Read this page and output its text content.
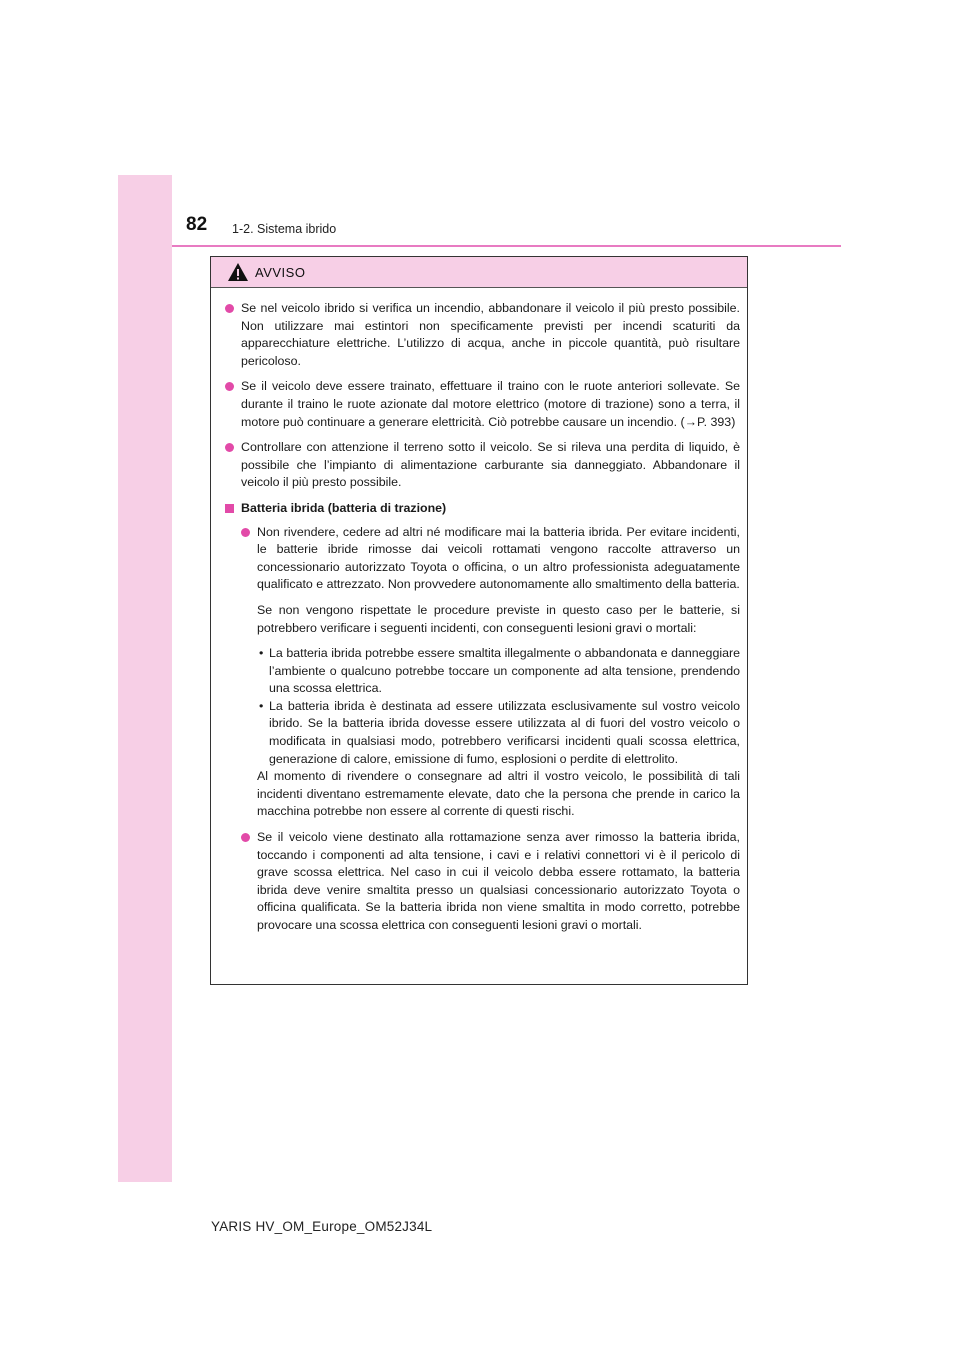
82 1-2. Sistema ibrido
AVVISO
Se nel veicolo ibrido si verifica un incendio, abbandonare il veicolo il più presto possibile. Non utilizzare mai estintori non specificamente previsti per incendi scaturiti da apparecchiature elettriche. L’utilizzo di acqua, anche in piccole quantità, può risultare pericoloso.
Se il veicolo deve essere trainato, effettuare il traino con le ruote anteriori sollevate. Se durante il traino le ruote azionate dal motore elettrico (motore di trazione) sono a terra, il motore può continuare a generare elettricità. Ciò potrebbe causare un incendio. (→P. 393)
Controllare con attenzione il terreno sotto il veicolo. Se si rileva una perdita di liquido, è possibile che l’impianto di alimentazione carburante sia danneggiato. Abbandonare il veicolo il più presto possibile.
Batteria ibrida (batteria di trazione)
Non rivendere, cedere ad altri né modificare mai la batteria ibrida. Per evitare incidenti, le batterie ibride rimosse dai veicoli rottamati vengono raccolte attraverso un concessionario autorizzato Toyota o officina, o un altro professionista adeguatamente qualificato e attrezzato. Non provvedere autonomamente allo smaltimento della batteria.

Se non vengono rispettate le procedure previste in questo caso per le batterie, si potrebbero verificare i seguenti incidenti, con conseguenti lesioni gravi o mortali:

• La batteria ibrida potrebbe essere smaltita illegalmente o abbandonata e danneggiare l’ambiente o qualcuno potrebbe toccare un componente ad alta tensione, prendendo una scossa elettrica.
• La batteria ibrida è destinata ad essere utilizzata esclusivamente sul vostro veicolo ibrido. Se la batteria ibrida dovesse essere utilizzata al di fuori del vostro veicolo o modificata in qualsiasi modo, potrebbero verificarsi incidenti quali scossa elettrica, generazione di calore, emissione di fumo, esplosioni o perdite di elettrolito.

Al momento di rivendere o consegnare ad altri il vostro veicolo, le possibilità di tali incidenti diventano estremamente elevate, dato che la persona che prende in carico la macchina potrebbe non essere al corrente di questi rischi.

Se il veicolo viene destinato alla rottamazione senza aver rimosso la batteria ibrida, toccando i componenti ad alta tensione, i cavi e i relativi connettori vi è il pericolo di grave scossa elettrica. Nel caso in cui il veicolo debba essere rottamato, la batteria ibrida deve venire smaltita presso un qualsiasi concessionario autorizzato Toyota o officina qualificata. Se la batteria ibrida non viene smaltita in modo corretto, potrebbe provocare una scossa elettrica con conseguenti lesioni gravi o mortali.
YARIS HV_OM_Europe_OM52J34L
